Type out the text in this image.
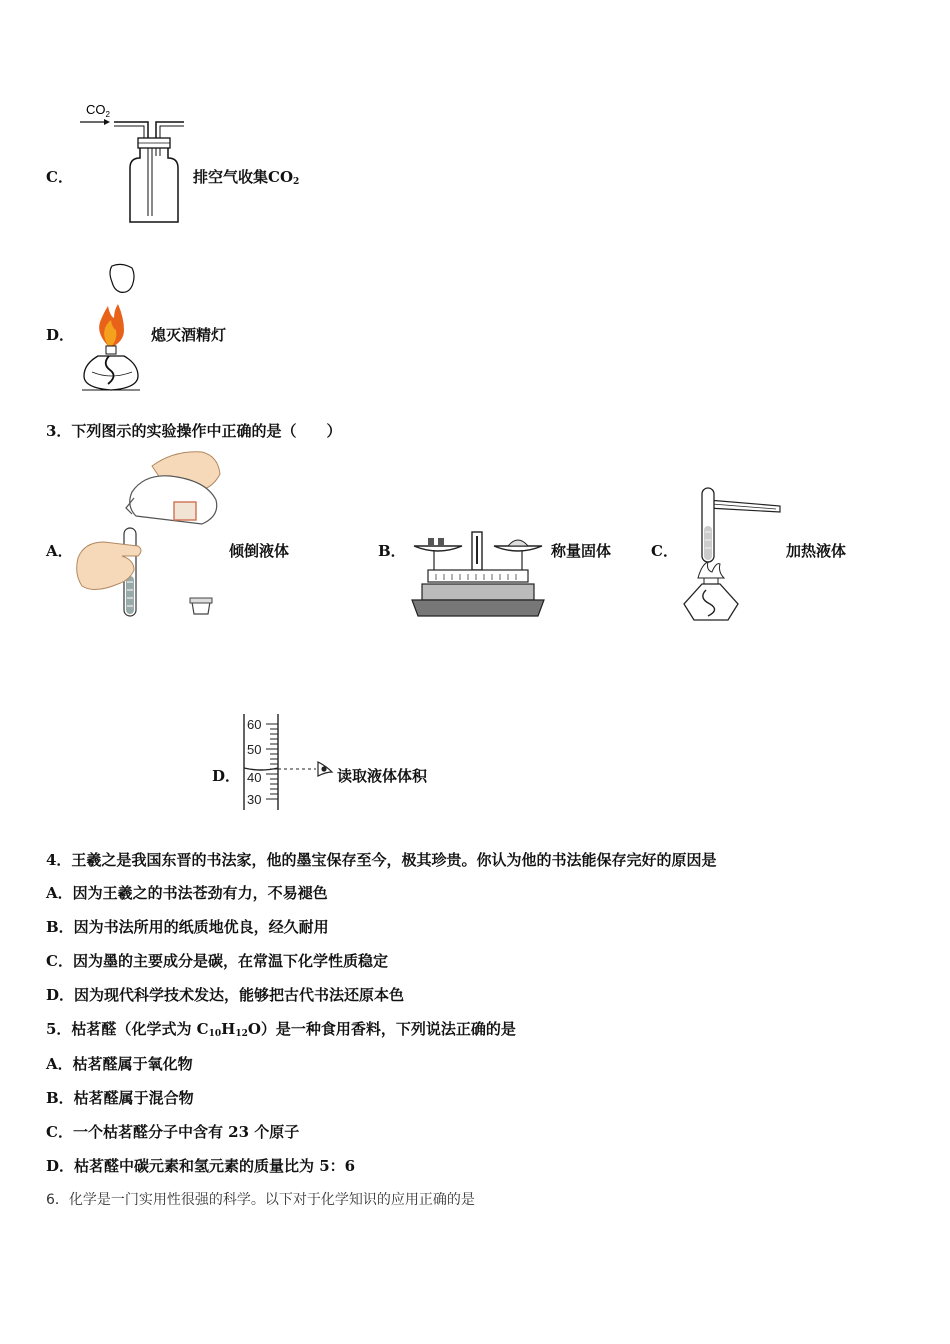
$CO_2$
C．	排空气收集$CO_2$
D．	熄灭酒精灯
3．下列图示的实验操作中正确的是（　　）
A．	倾倒液体	B．	称量固体	C．	加热液体
60
50
40
30
D．	读取液体体积
4．王羲之是我国东晋的书法家，他的墨宝保存至今，极其珍贵。你认为他的书法能保存完好的原因是
A．因为王羲之的书法苍劲有力，不易褪色
B．因为书法所用的纸质地优良，经久耐用
C．因为墨的主要成分是碳，在常温下化学性质稳定
D．因为现代科学技术发达，能够把古代书法还原本色
5．枯茗醛（化学式为 $C_{10}H_{12}O$）是一种食用香料，下列说法正确的是
A．枯茗醛属于氧化物
B．枯茗醛属于混合物
C．一个枯茗醛分子中含有 23 个原子
D．枯茗醛中碳元素和氢元素的质量比为 5：6
6．化学是一门实用性很强的科学。以下对于化学知识的应用正确的是
